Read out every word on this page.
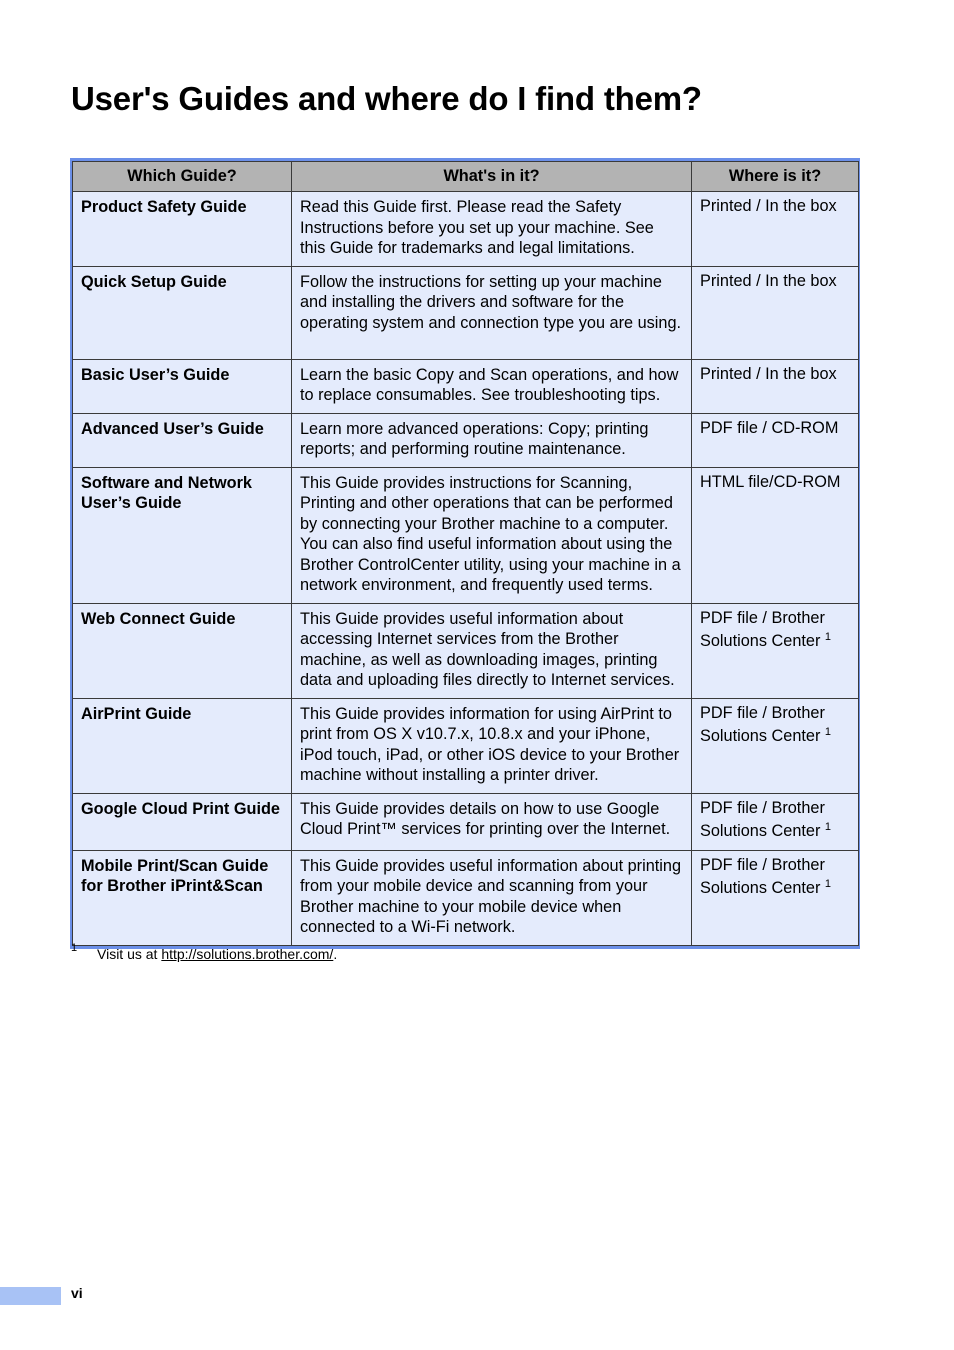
User's Guides and where do I find them?
Which Guide?	What's in it?	Where is it?
Product Safety Guide	Read this Guide first. Please read the Safety Instructions before you set up your machine. See this Guide for trademarks and legal limitations.	Printed / In the box
Quick Setup Guide	Follow the instructions for setting up your machine and installing the drivers and software for the operating system and connection type you are using.	Printed / In the box
Basic User’s Guide	Learn the basic Copy and Scan operations, and how to replace consumables. See troubleshooting tips.	Printed / In the box
Advanced User’s Guide	Learn more advanced operations: Copy; printing reports; and performing routine maintenance.	PDF file / CD-ROM
Software and Network User’s Guide	This Guide provides instructions for Scanning, Printing and other operations that can be performed by connecting your Brother machine to a computer. You can also find useful information about using the Brother ControlCenter utility, using your machine in a network environment, and frequently used terms.	HTML file/CD-ROM
Web Connect Guide	This Guide provides useful information about accessing Internet services from the Brother machine, as well as downloading images, printing data and uploading files directly to Internet services.	PDF file / Brother Solutions Center $^1$
AirPrint Guide	This Guide provides information for using AirPrint to print from OS X v10.7.x, 10.8.x and your iPhone, iPod touch, iPad, or other iOS device to your Brother machine without installing a printer driver.	PDF file / Brother Solutions Center $^1$
Google Cloud Print Guide	This Guide provides details on how to use Google Cloud Print™ services for printing over the Internet.	PDF file / Brother Solutions Center $^1$
Mobile Print/Scan Guide for Brother iPrint&Scan	This Guide provides useful information about printing from your mobile device and scanning from your Brother machine to your mobile device when connected to a Wi-Fi network.	PDF file / Brother Solutions Center $^1$
1 Visit us at http://solutions.brother.com/.
vi
